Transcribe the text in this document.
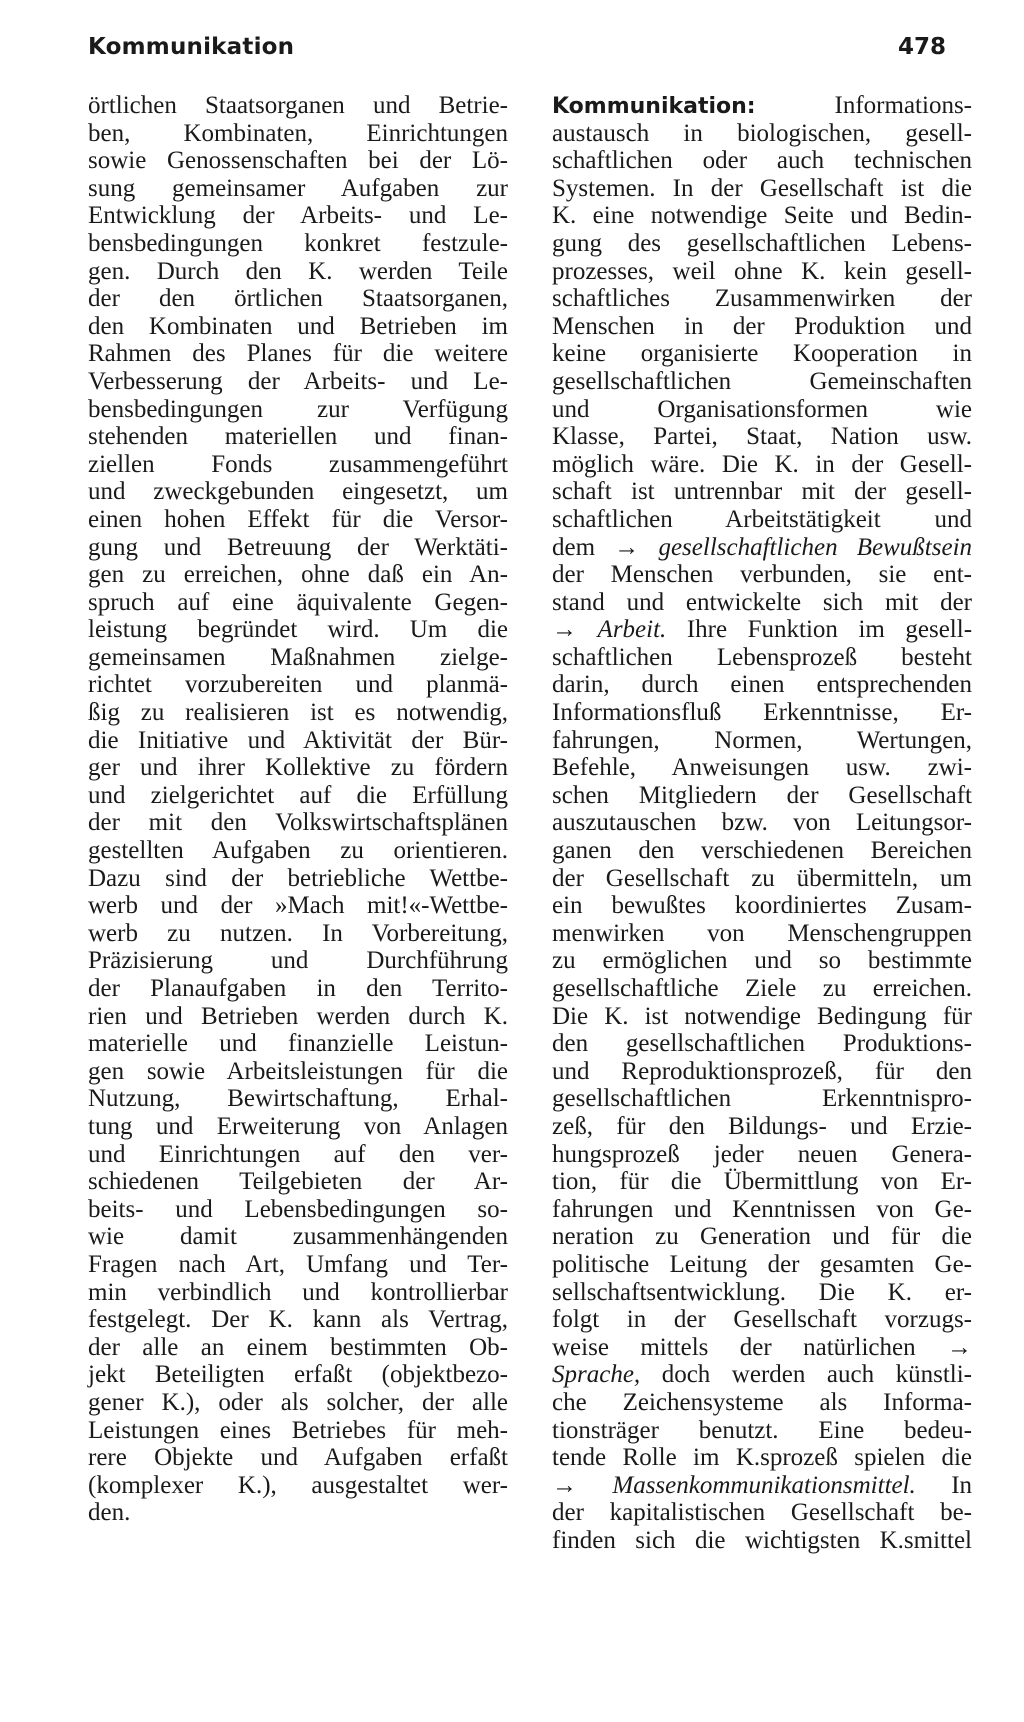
Kommunikation	478
örtlichen Staatsorganen und Betrie-
ben, Kombinaten, Einrichtungen
sowie Genossenschaften bei der Lö-
sung gemeinsamer Aufgaben zur
Entwicklung der Arbeits- und Le-
bensbedingungen konkret festzule-
gen. Durch den K. werden Teile
der den örtlichen Staatsorganen,
den Kombinaten und Betrieben im
Rahmen des Planes für die weitere
Verbesserung der Arbeits- und Le-
bensbedingungen zur Verfügung
stehenden materiellen und finan-
ziellen Fonds zusammengeführt
und zweckgebunden eingesetzt, um
einen hohen Effekt für die Versor-
gung und Betreuung der Werktäti-
gen zu erreichen, ohne daß ein An-
spruch auf eine äquivalente Gegen-
leistung begründet wird. Um die
gemeinsamen Maßnahmen zielge-
richtet vorzubereiten und planmä-
ßig zu realisieren ist es notwendig,
die Initiative und Aktivität der Bür-
ger und ihrer Kollektive zu fördern
und zielgerichtet auf die Erfüllung
der mit den Volkswirtschaftsplänen
gestellten Aufgaben zu orientieren.
Dazu sind der betriebliche Wettbe-
werb und der »Mach mit!«-Wettbe-
werb zu nutzen. In Vorbereitung,
Präzisierung und Durchführung
der Planaufgaben in den Territo-
rien und Betrieben werden durch K.
materielle und finanzielle Leistun-
gen sowie Arbeitsleistungen für die
Nutzung, Bewirtschaftung, Erhal-
tung und Erweiterung von Anlagen
und Einrichtungen auf den ver-
schiedenen Teilgebieten der Ar-
beits- und Lebensbedingungen so-
wie damit zusammenhängenden
Fragen nach Art, Umfang und Ter-
min verbindlich und kontrollierbar
festgelegt. Der K. kann als Vertrag,
der alle an einem bestimmten Ob-
jekt Beteiligten erfaßt (objektbezo-
gener K.), oder als solcher, der alle
Leistungen eines Betriebes für meh-
rere Objekte und Aufgaben erfaßt
(komplexer K.), ausgestaltet wer-
den.
Kommunikation:	Informations-
austausch in biologischen, gesell-
schaftlichen oder auch technischen
Systemen. In der Gesellschaft ist die
K. eine notwendige Seite und Bedin-
gung des gesellschaftlichen Lebens-
prozesses, weil ohne K. kein gesell-
schaftliches Zusammenwirken der
Menschen in der Produktion und
keine organisierte Kooperation in
gesellschaftlichen Gemeinschaften
und Organisationsformen wie
Klasse, Partei, Staat, Nation usw.
möglich wäre. Die K. in der Gesell-
schaft ist untrennbar mit der gesell-
schaftlichen Arbeitstätigkeit und
dem → gesellschaftlichen Bewußtsein
der Menschen verbunden, sie ent-
stand und entwickelte sich mit der
→ Arbeit. Ihre Funktion im gesell-
schaftlichen Lebensprozeß besteht
darin, durch einen entsprechenden
Informationsfluß Erkenntnisse, Er-
fahrungen, Normen, Wertungen,
Befehle, Anweisungen usw. zwi-
schen Mitgliedern der Gesellschaft
auszutauschen bzw. von Leitungsor-
ganen den verschiedenen Bereichen
der Gesellschaft zu übermitteln, um
ein bewußtes koordiniertes Zusam-
menwirken von Menschengruppen
zu ermöglichen und so bestimmte
gesellschaftliche Ziele zu erreichen.
Die K. ist notwendige Bedingung für
den gesellschaftlichen Produktions-
und Reproduktionsprozeß, für den
gesellschaftlichen Erkenntnispro-
zeß, für den Bildungs- und Erzie-
hungsprozeß jeder neuen Genera-
tion, für die Übermittlung von Er-
fahrungen und Kenntnissen von Ge-
neration zu Generation und für die
politische Leitung der gesamten Ge-
sellschaftsentwicklung. Die K. er-
folgt in der Gesellschaft vorzugs-
weise mittels der natürlichen →
Sprache, doch werden auch künstli-
che Zeichensysteme als Informa-
tionsträger benutzt. Eine bedeu-
tende Rolle im K.sprozeß spielen die
→ Massenkommunikationsmittel. In
der kapitalistischen Gesellschaft be-
finden sich die wichtigsten K.smittel
